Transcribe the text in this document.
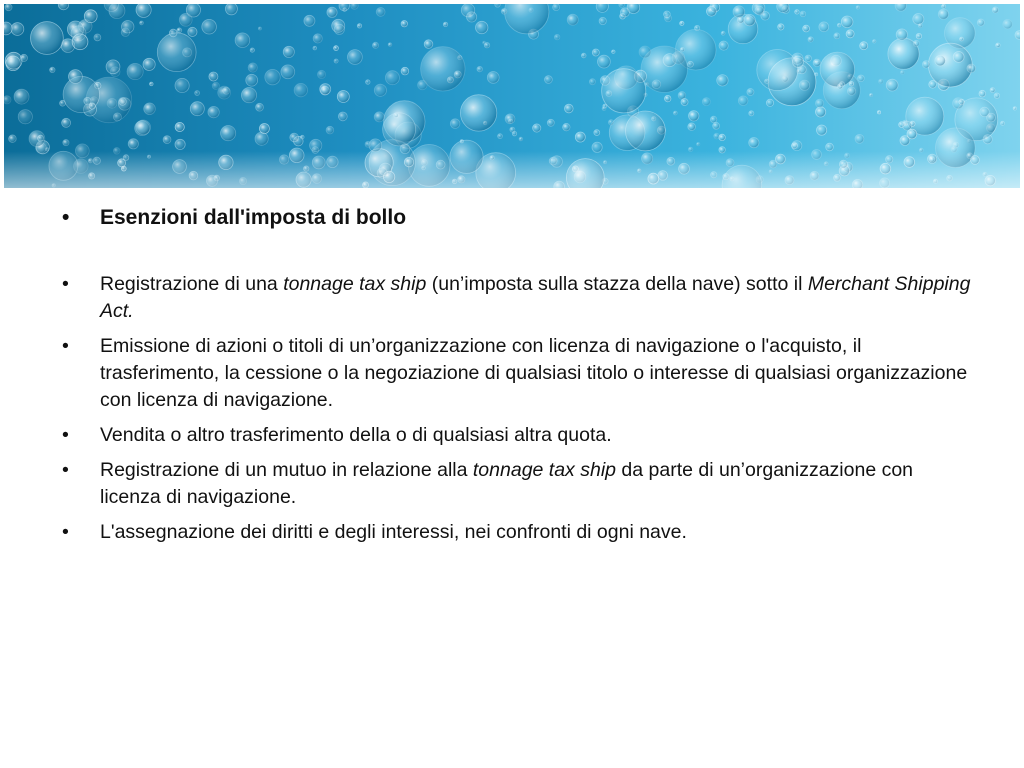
•	Esenzioni dall'imposta di bollo
•	Registrazione di una tonnage tax ship (un’imposta sulla stazza della nave) sotto il Merchant Shipping Act.
•	Emissione di azioni o titoli di un’organizzazione con licenza di navigazione o l'acquisto, il trasferimento, la cessione o la negoziazione di qualsiasi titolo o interesse di qualsiasi organizzazione con licenza di navigazione.
•	Vendita o altro trasferimento della o di qualsiasi altra quota.
•	Registrazione di un mutuo in relazione alla tonnage tax ship da parte di un’organizzazione con licenza di navigazione.
•	L'assegnazione dei diritti e degli interessi, nei confronti di ogni nave.
